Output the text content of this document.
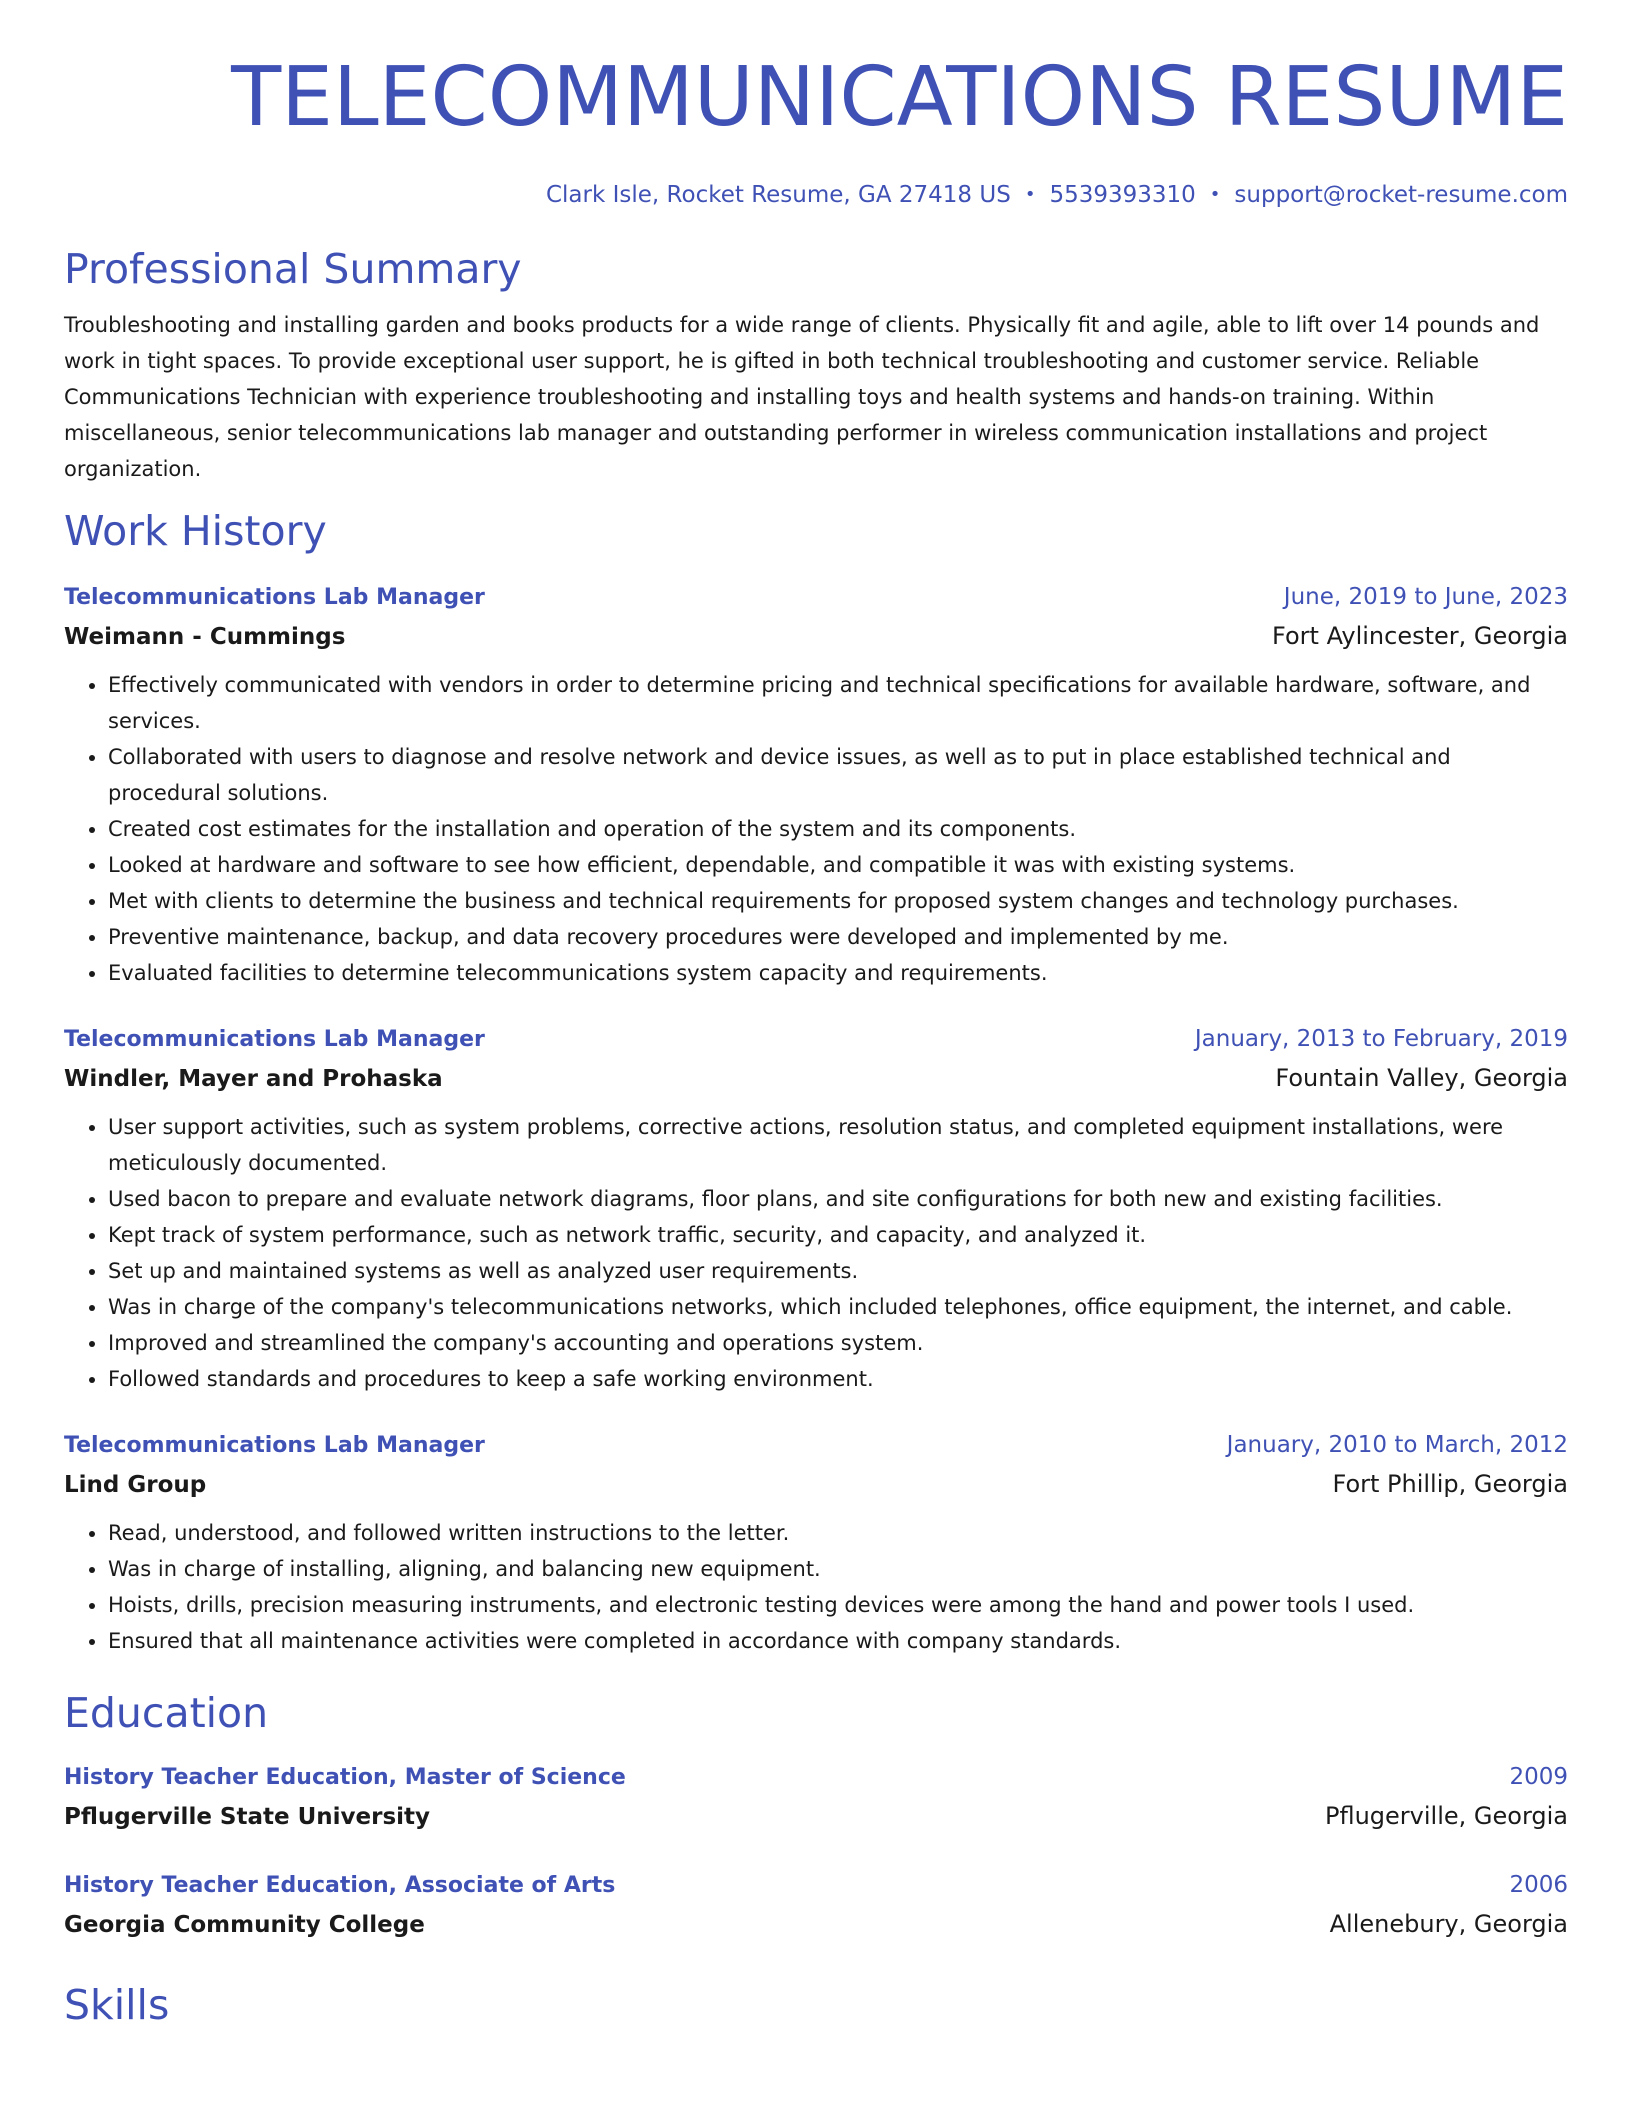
TELECOMMUNICATIONS RESUME
Clark Isle, Rocket Resume, GA 27418 US • 5539393310 • support@rocket-resume.com
Professional Summary
Troubleshooting and installing garden and books products for a wide range of clients. Physically fit and agile, able to lift over 14 pounds and work in tight spaces. To provide exceptional user support, he is gifted in both technical troubleshooting and customer service. Reliable Communications Technician with experience troubleshooting and installing toys and health systems and hands-on training. Within miscellaneous, senior telecommunications lab manager and outstanding performer in wireless communication installations and project organization.
Work History
Telecommunications Lab Manager	June, 2019 to June, 2023
Weimann - Cummings	Fort Aylincester, Georgia
• Effectively communicated with vendors in order to determine pricing and technical specifications for available hardware, software, and services.
• Collaborated with users to diagnose and resolve network and device issues, as well as to put in place established technical and procedural solutions.
• Created cost estimates for the installation and operation of the system and its components.
• Looked at hardware and software to see how efficient, dependable, and compatible it was with existing systems.
• Met with clients to determine the business and technical requirements for proposed system changes and technology purchases.
• Preventive maintenance, backup, and data recovery procedures were developed and implemented by me.
• Evaluated facilities to determine telecommunications system capacity and requirements.
Telecommunications Lab Manager	January, 2013 to February, 2019
Windler, Mayer and Prohaska	Fountain Valley, Georgia
• User support activities, such as system problems, corrective actions, resolution status, and completed equipment installations, were meticulously documented.
• Used bacon to prepare and evaluate network diagrams, floor plans, and site configurations for both new and existing facilities.
• Kept track of system performance, such as network traffic, security, and capacity, and analyzed it.
• Set up and maintained systems as well as analyzed user requirements.
• Was in charge of the company's telecommunications networks, which included telephones, office equipment, the internet, and cable.
• Improved and streamlined the company's accounting and operations system.
• Followed standards and procedures to keep a safe working environment.
Telecommunications Lab Manager	January, 2010 to March, 2012
Lind Group	Fort Phillip, Georgia
• Read, understood, and followed written instructions to the letter.
• Was in charge of installing, aligning, and balancing new equipment.
• Hoists, drills, precision measuring instruments, and electronic testing devices were among the hand and power tools I used.
• Ensured that all maintenance activities were completed in accordance with company standards.
Education
History Teacher Education, Master of Science	2009
Pflugerville State University	Pflugerville, Georgia
History Teacher Education, Associate of Arts	2006
Georgia Community College	Allenebury, Georgia
Skills
